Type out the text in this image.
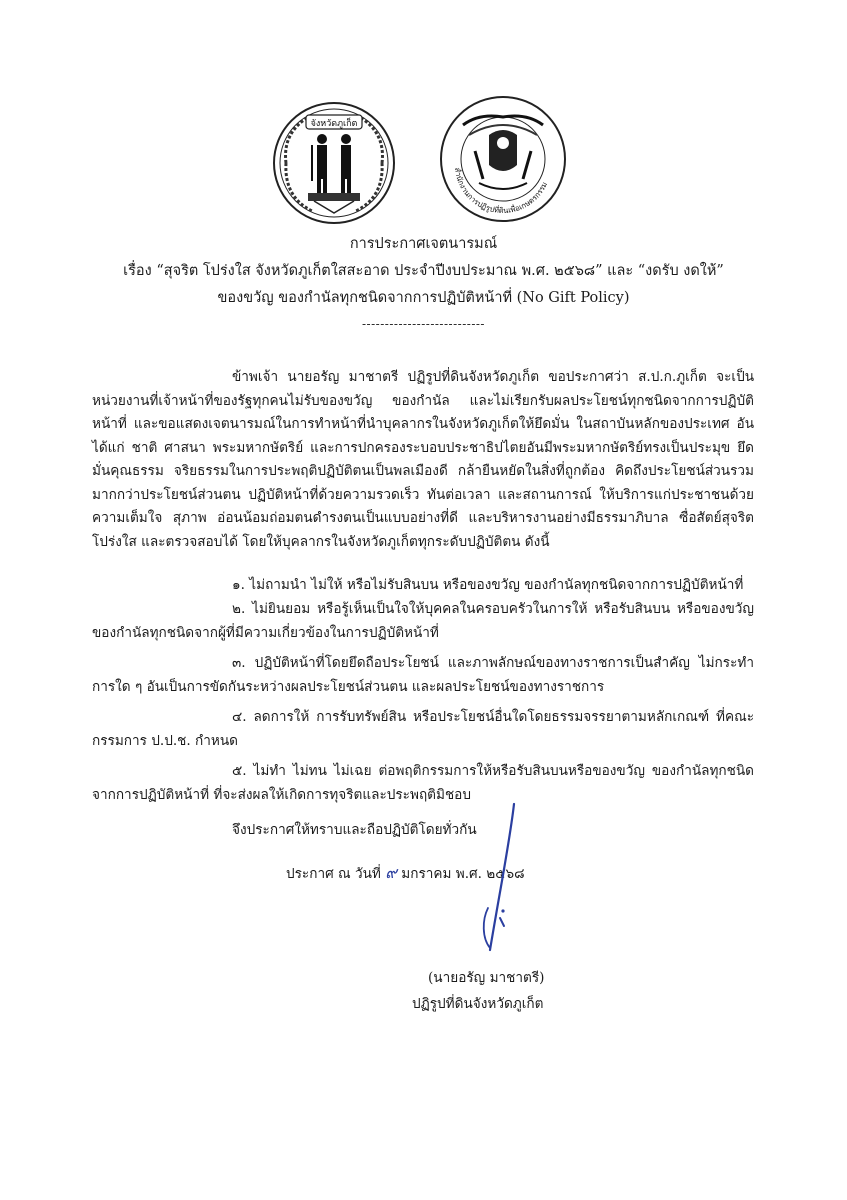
จังหวัดภูเก็ต
สำนักงานการปฏิรูปที่ดินเพื่อเกษตรกรรม
การประกาศเจตนารมณ์
เรื่อง “สุจริต โปร่งใส จังหวัดภูเก็ตใสสะอาด ประจำปีงบประมาณ พ.ศ. ๒๕๖๘” และ “งดรับ งดให้”
ของขวัญ ของกำนัลทุกชนิดจากการปฏิบัติหน้าที่ (No Gift Policy)
---------------------------
ข้าพเจ้า นายอรัญ มาชาตรี ปฏิรูปที่ดินจังหวัดภูเก็ต ขอประกาศว่า ส.ป.ก.ภูเก็ต จะเป็นหน่วยงานที่เจ้าหน้าที่ของรัฐทุกคนไม่รับของขวัญ ของกำนัล และไม่เรียกรับผลประโยชน์ทุกชนิดจากการปฏิบัติหน้าที่ และขอแสดงเจตนารมณ์ในการทำหน้าที่นำบุคลากรในจังหวัดภูเก็ตให้ยึดมั่น ในสถาบันหลักของประเทศ อันได้แก่ ชาติ ศาสนา พระมหากษัตริย์ และการปกครองระบอบประชาธิปไตยอันมีพระมหากษัตริย์ทรงเป็นประมุข ยึดมั่นคุณธรรม จริยธรรมในการประพฤติปฏิบัติตนเป็นพลเมืองดี กล้ายืนหยัดในสิ่งที่ถูกต้อง คิดถึงประโยชน์ส่วนรวมมากกว่าประโยชน์ส่วนตน ปฏิบัติหน้าที่ด้วยความรวดเร็ว ทันต่อเวลา และสถานการณ์ ให้บริการแก่ประชาชนด้วยความเต็มใจ สุภาพ อ่อนน้อมถ่อมตนดำรงตนเป็นแบบอย่างที่ดี และบริหารงานอย่างมีธรรมาภิบาล ซื่อสัตย์สุจริต โปร่งใส และตรวจสอบได้ โดยให้บุคลากรในจังหวัดภูเก็ตทุกระดับปฏิบัติตน ดังนี้
๑. ไม่ถามนำ ไม่ให้ หรือไม่รับสินบน หรือของขวัญ ของกำนัลทุกชนิดจากการปฏิบัติหน้าที่
๒. ไม่ยินยอม หรือรู้เห็นเป็นใจให้บุคคลในครอบครัวในการให้ หรือรับสินบน หรือของขวัญ ของกำนัลทุกชนิดจากผู้ที่มีความเกี่ยวข้องในการปฏิบัติหน้าที่
๓. ปฏิบัติหน้าที่โดยยึดถือประโยชน์ และภาพลักษณ์ของทางราชการเป็นสำคัญ ไม่กระทำการใด ๆ อันเป็นการขัดกันระหว่างผลประโยชน์ส่วนตน และผลประโยชน์ของทางราชการ
๔. ลดการให้ การรับทรัพย์สิน หรือประโยชน์อื่นใดโดยธรรมจรรยาตามหลักเกณฑ์ ที่คณะกรรมการ ป.ป.ช. กำหนด
๕. ไม่ทำ ไม่ทน ไม่เฉย ต่อพฤติกรรมการให้หรือรับสินบนหรือของขวัญ ของกำนัลทุกชนิด จากการปฏิบัติหน้าที่ ที่จะส่งผลให้เกิดการทุจริตและประพฤติมิชอบ
จึงประกาศให้ทราบและถือปฏิบัติโดยทั่วกัน
ประกาศ ณ วันที่ ๙ มกราคม พ.ศ. ๒๕๖๘
(นายอรัญ มาชาตรี)
ปฏิรูปที่ดินจังหวัดภูเก็ต
